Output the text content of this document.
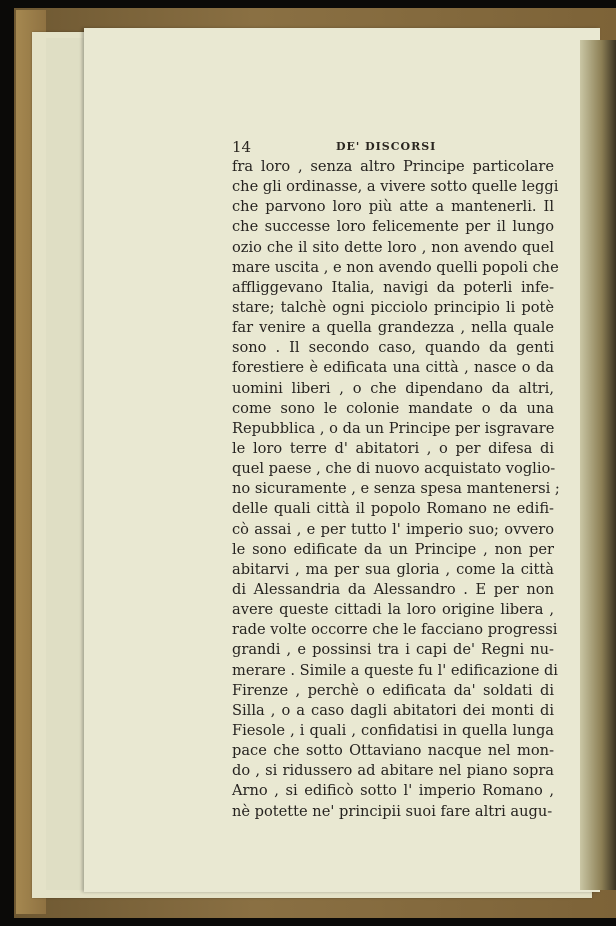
14	DE' DISCORSI
fra loro , senza altro Principe particolare
che gli ordinasse, a vivere sotto quelle leggi
che parvono loro più atte a mantenerli. Il
che successe loro felicemente per il lungo
ozio che il sito dette loro , non avendo quel
mare uscita , e non avendo quelli popoli che
affliggevano Italia, navigi da poterli infe-
stare; talchè ogni picciolo principio li potè
far venire a quella grandezza , nella quale
sono . Il secondo caso, quando da genti
forestiere è edificata una città , nasce o da
uomini liberi , o che dipendano da altri,
come sono le colonie mandate o da una
Repubblica , o da un Principe per isgravare
le loro terre d' abitatori , o per difesa di
quel paese , che di nuovo acquistato voglio-
no sicuramente , e senza spesa mantenersi ;
delle quali città il popolo Romano ne edifi-
cò assai , e per tutto l' imperio suo; ovvero
le sono edificate da un Principe , non per
abitarvi , ma per sua gloria , come la città
di Alessandria da Alessandro . E per non
avere queste cittadi la loro origine libera ,
rade volte occorre che le facciano progressi
grandi , e possinsi tra i capi de' Regni nu-
merare . Simile a queste fu l' edificazione di
Firenze , perchè o edificata da' soldati di
Silla , o a caso dagli abitatori dei monti di
Fiesole , i quali , confidatisi in quella lunga
pace che sotto Ottaviano nacque nel mon-
do , si ridussero ad abitare nel piano sopra
Arno , si edificò sotto l' imperio Romano ,
nè potette ne' principii suoi fare altri augu-
